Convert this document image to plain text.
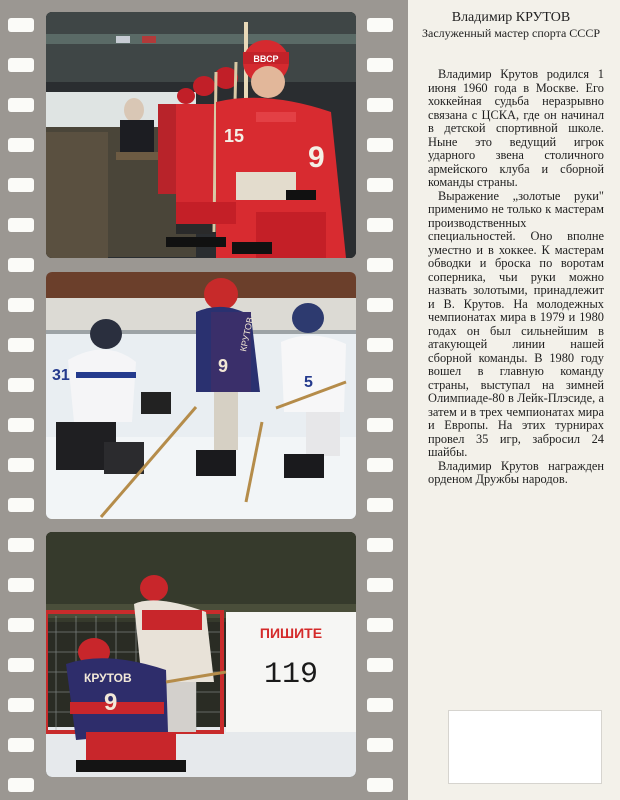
ВВСР
9
15
31
КРУТОВ
9
5
ПИШИТЕ
119
КРУТОВ
9
Владимир КРУТОВ
Заслуженный мастер спорта СССР

Владимир Крутов родился 1 июня 1960 года в Москве. Его хоккейная судьба неразрывно связана с ЦСКА, где он начинал в детской спортивной школе. Ныне это ведущий игрок ударного звена столичного армейского клуба и сборной команды страны.

Выражение „золотые руки" применимо не только к мастерам производственных специальностей. Оно вполне уместно и в хоккее. К мастерам обводки и броска по воротам соперника, чьи руки можно назвать золотыми, принадлежит и В. Крутов. На молодежных чемпионатах мира в 1979 и 1980 годах он был сильнейшим в атакующей линии нашей сборной команды. В 1980 году вошел в главную команду страны, выступал на зимней Олимпиаде-80 в Лейк-Плэсиде, а затем и в трех чемпионатах мира и Европы. На этих турнирах провел 35 игр, забросил 24 шайбы.

Владимир Крутов награжден орденом Дружбы народов.
